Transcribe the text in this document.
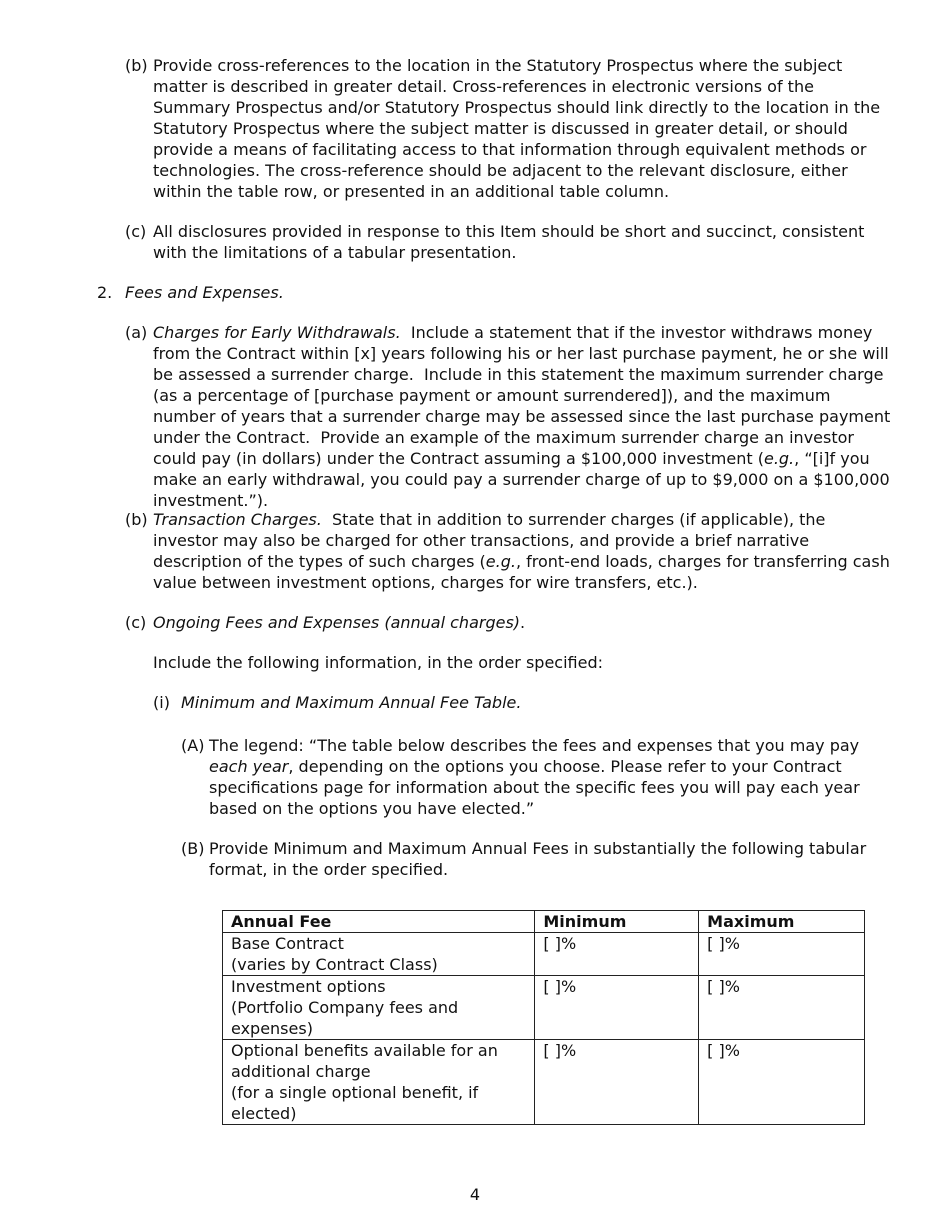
(b) Provide cross-references to the location in the Statutory Prospectus where the subject matter is described in greater detail. Cross-references in electronic versions of the Summary Prospectus and/or Statutory Prospectus should link directly to the location in the Statutory Prospectus where the subject matter is discussed in greater detail, or should provide a means of facilitating access to that information through equivalent methods or technologies. The cross-reference should be adjacent to the relevant disclosure, either within the table row, or presented in an additional table column.

(c) All disclosures provided in response to this Item should be short and succinct, consistent with the limitations of a tabular presentation.

2. Fees and Expenses.

(a) Charges for Early Withdrawals.  Include a statement that if the investor withdraws money from the Contract within [x] years following his or her last purchase payment, he or she will be assessed a surrender charge.  Include in this statement the maximum surrender charge (as a percentage of [purchase payment or amount surrendered]), and the maximum number of years that a surrender charge may be assessed since the last purchase payment under the Contract.  Provide an example of the maximum surrender charge an investor could pay (in dollars) under the Contract assuming a $100,000 investment (e.g., “[i]f you make an early withdrawal, you could pay a surrender charge of up to $9,000 on a $100,000 investment.”).

(b) Transaction Charges.  State that in addition to surrender charges (if applicable), the investor may also be charged for other transactions, and provide a brief narrative description of the types of such charges (e.g., front-end loads, charges for transferring cash value between investment options, charges for wire transfers, etc.).

(c) Ongoing Fees and Expenses (annual charges).

Include the following information, in the order specified:

(i) Minimum and Maximum Annual Fee Table.

(A) The legend: “The table below describes the fees and expenses that you may pay each year, depending on the options you choose. Please refer to your Contract specifications page for information about the specific fees you will pay each year based on the options you have elected.”

(B) Provide Minimum and Maximum Annual Fees in substantially the following tabular format, in the order specified.

Annual Fee	Minimum	Maximum

Base Contract
(varies by Contract Class)	[ ]%	[ ]%

Investment options
(Portfolio Company fees and expenses)	[ ]%	[ ]%

Optional benefits available for an additional charge
(for a single optional benefit, if elected)	[ ]%	[ ]%
4
